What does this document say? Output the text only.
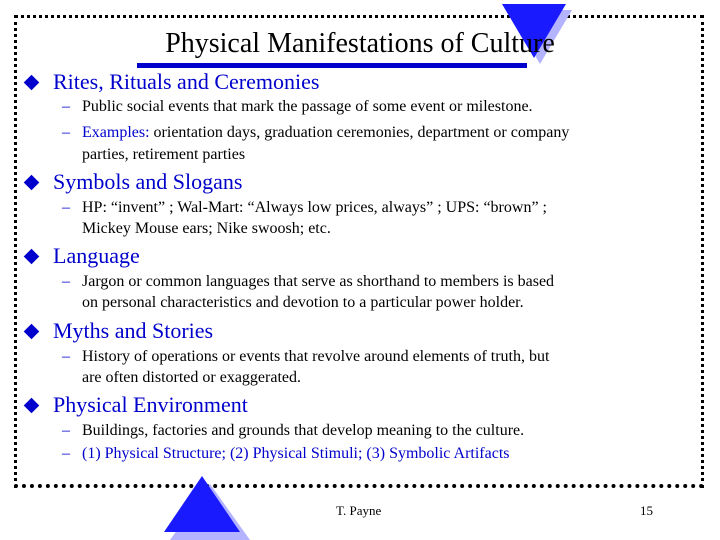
Physical Manifestations of Culture
Rites, Rituals and Ceremonies
– Public social events that mark the passage of some event or milestone.
– Examples: orientation days, graduation ceremonies, department or company
parties, retirement parties
Symbols and Slogans
– HP: “invent” ; Wal-Mart: “Always low prices, always” ; UPS: “brown” ;
Mickey Mouse ears; Nike swoosh; etc.
Language
– Jargon or common languages that serve as shorthand to members is based
on personal characteristics and devotion to a particular power holder.
Myths and Stories
– History of operations or events that revolve around elements of truth, but
are often distorted or exaggerated.
Physical Environment
– Buildings, factories and grounds that develop meaning to the culture.
– (1) Physical Structure; (2) Physical Stimuli; (3) Symbolic Artifacts
T. Payne	15
